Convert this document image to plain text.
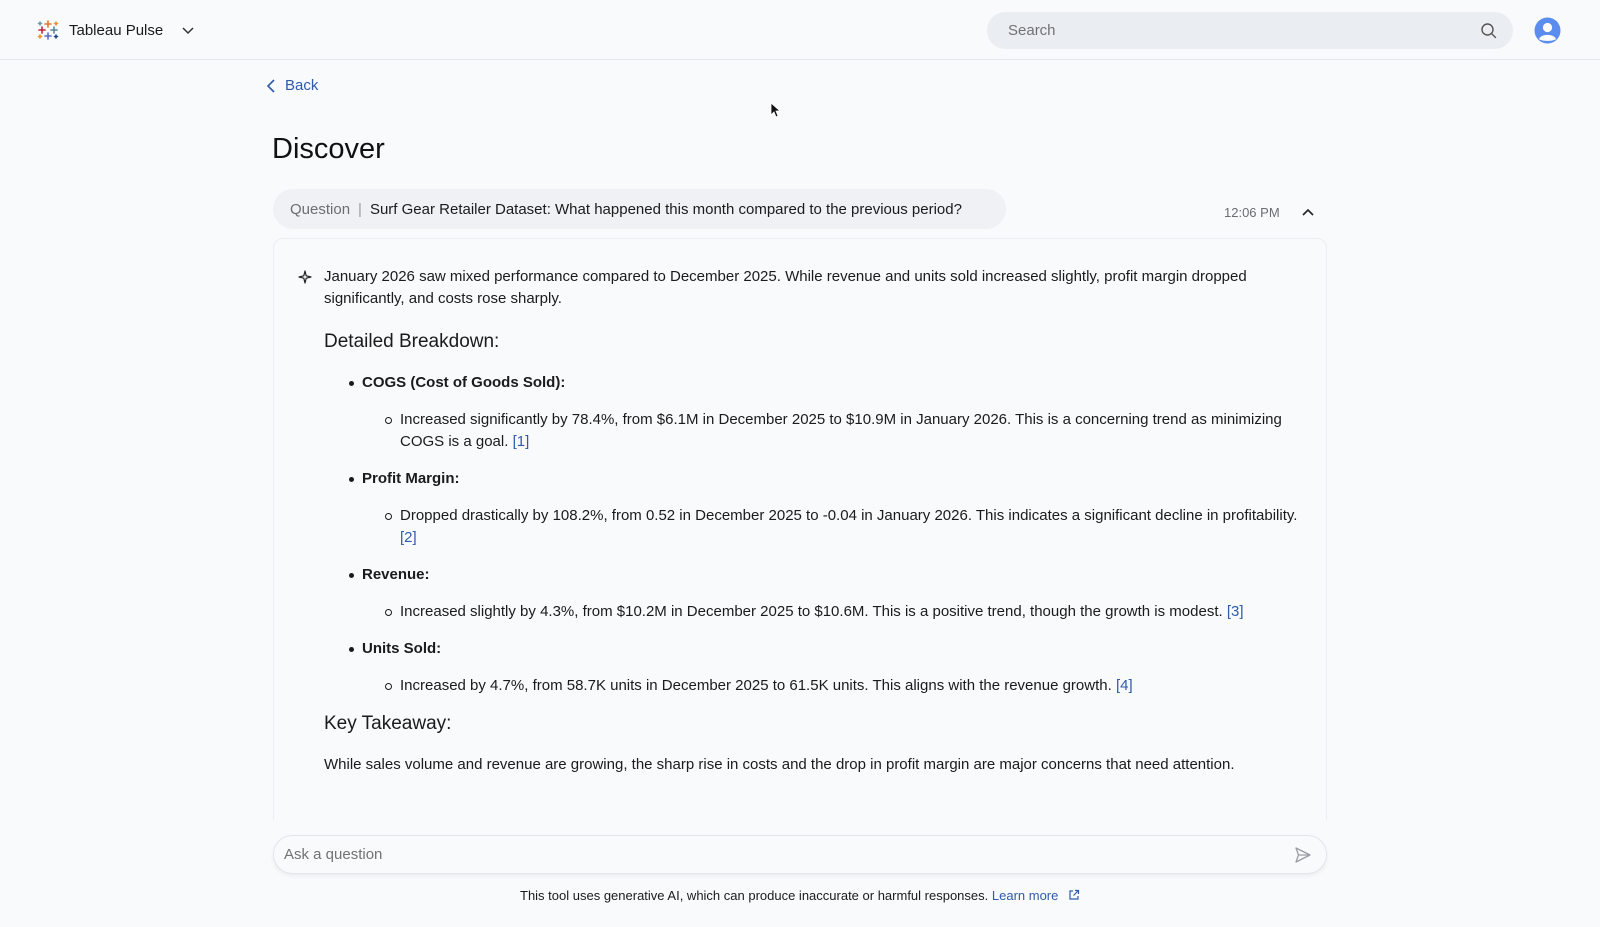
Tableau Pulse
Search
Back
Discover
Question | Surf Gear Retailer Dataset: What happened this month compared to the previous period?	12:06 PM

January 2026 saw mixed performance compared to December 2025. While revenue and units sold increased slightly, profit margin dropped significantly, and costs rose sharply.

Detailed Breakdown:
COGS (Cost of Goods Sold):
Increased significantly by 78.4%, from $6.1M in December 2025 to $10.9M in January 2026. This is a concerning trend as minimizing COGS is a goal. [1]
Profit Margin:
Dropped drastically by 108.2%, from 0.52 in December 2025 to -0.04 in January 2026. This indicates a significant decline in profitability. [2]
Revenue:
Increased slightly by 4.3%, from $10.2M in December 2025 to $10.6M. This is a positive trend, though the growth is modest. [3]
Units Sold:
Increased by 4.7%, from 58.7K units in December 2025 to 61.5K units. This aligns with the revenue growth. [4]
Key Takeaway:

While sales volume and revenue are growing, the sharp rise in costs and the drop in profit margin are major concerns that need attention.

Ask a question
This tool uses generative AI, which can produce inaccurate or harmful responses. Learn more
